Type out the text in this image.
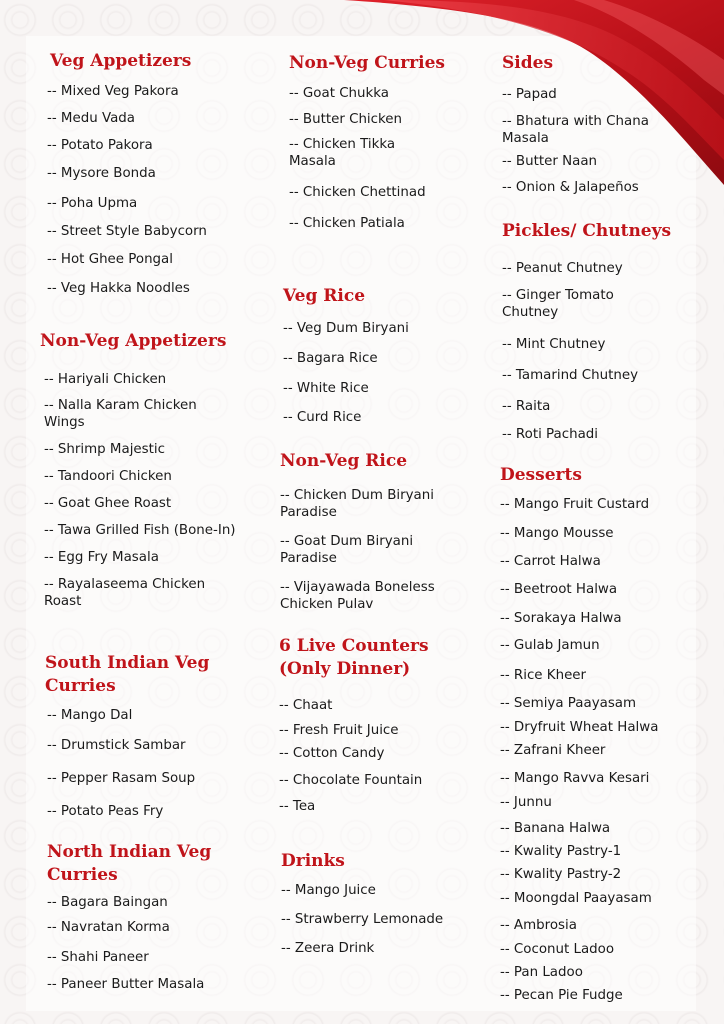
Veg Appetizers
-- Mixed Veg Pakora
-- Medu Vada
-- Potato Pakora
-- Mysore Bonda
-- Poha Upma
-- Street Style Babycorn
-- Hot Ghee Pongal
-- Veg Hakka Noodles
Non-Veg Appetizers
-- Hariyali Chicken
-- Nalla Karam Chicken Wings
-- Shrimp Majestic
-- Tandoori Chicken
-- Goat Ghee Roast
-- Tawa Grilled Fish (Bone-In)
-- Egg Fry Masala
-- Rayalaseema Chicken Roast
South Indian Veg Curries
-- Mango Dal
-- Drumstick Sambar
-- Pepper Rasam Soup
-- Potato Peas Fry
North Indian Veg Curries
-- Bagara Baingan
-- Navratan Korma
-- Shahi Paneer
-- Paneer Butter Masala
Non-Veg Curries
-- Goat Chukka
-- Butter Chicken
-- Chicken Tikka Masala
-- Chicken Chettinad
-- Chicken Patiala
Veg Rice
-- Veg Dum Biryani
-- Bagara Rice
-- White Rice
-- Curd Rice
Non-Veg Rice
-- Chicken Dum Biryani Paradise
-- Goat Dum Biryani Paradise
-- Vijayawada Boneless Chicken Pulav
6 Live Counters (Only Dinner)
-- Chaat
-- Fresh Fruit Juice
-- Cotton Candy
-- Chocolate Fountain
-- Tea
Drinks
-- Mango Juice
-- Strawberry Lemonade
-- Zeera Drink
Sides
-- Papad
-- Bhatura with Chana Masala
-- Butter Naan
-- Onion & Jalapeños
Pickles/ Chutneys
-- Peanut Chutney
-- Ginger Tomato Chutney
-- Mint Chutney
-- Tamarind Chutney
-- Raita
-- Roti Pachadi
Desserts
-- Mango Fruit Custard
-- Mango Mousse
-- Carrot Halwa
-- Beetroot Halwa
-- Sorakaya Halwa
-- Gulab Jamun
-- Rice Kheer
-- Semiya Paayasam
-- Dryfruit Wheat Halwa
-- Zafrani Kheer
-- Mango Ravva Kesari
-- Junnu
-- Banana Halwa
-- Kwality Pastry-1
-- Kwality Pastry-2
-- Moongdal Paayasam
-- Ambrosia
-- Coconut Ladoo
-- Pan Ladoo
-- Pecan Pie Fudge
